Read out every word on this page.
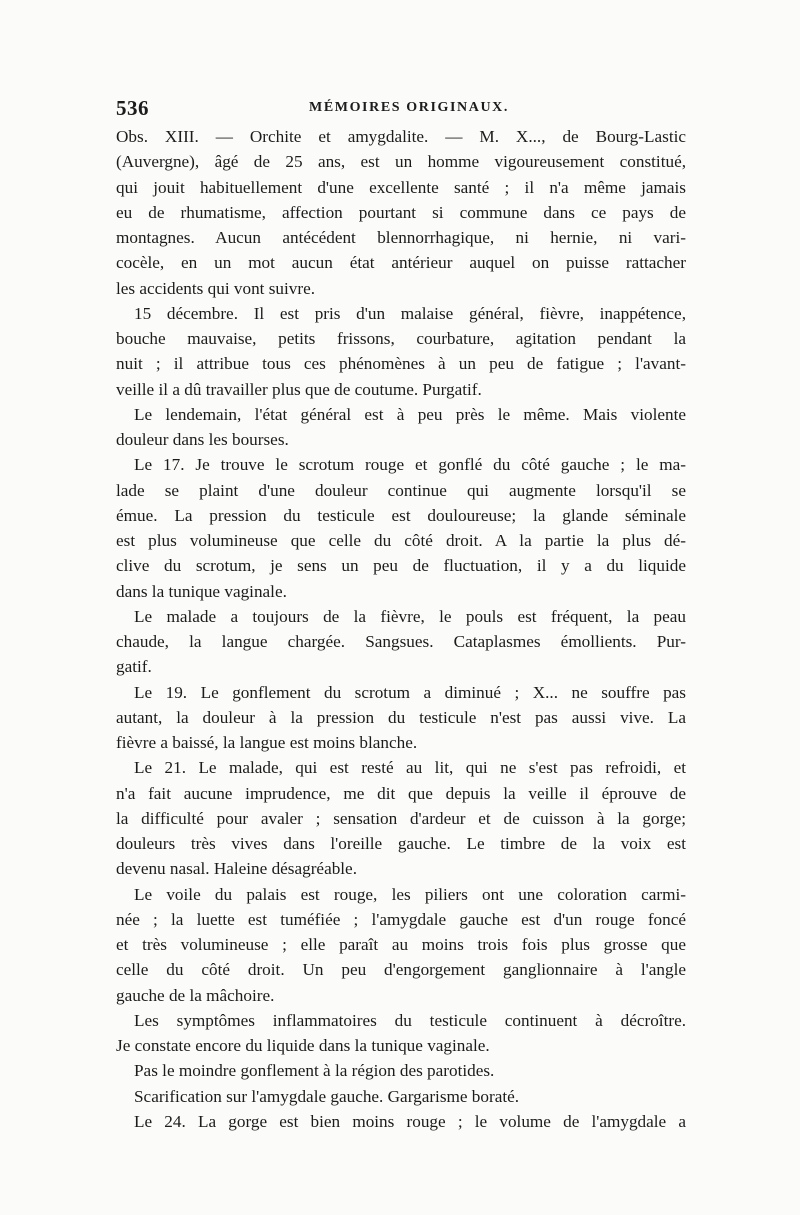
536	MÉMOIRES ORIGINAUX.
Obs. XIII. — Orchite et amygdalite. — M. X..., de Bourg-Lastic
(Auvergne), âgé de 25 ans, est un homme vigoureusement constitué,
qui jouit habituellement d'une excellente santé ; il n'a même jamais
eu de rhumatisme, affection pourtant si commune dans ce pays de
montagnes. Aucun antécédent blennorrhagique, ni hernie, ni vari-
cocèle, en un mot aucun état antérieur auquel on puisse rattacher
les accidents qui vont suivre.
15 décembre. Il est pris d'un malaise général, fièvre, inappétence,
bouche mauvaise, petits frissons, courbature, agitation pendant la
nuit ; il attribue tous ces phénomènes à un peu de fatigue ; l'avant-
veille il a dû travailler plus que de coutume. Purgatif.
Le lendemain, l'état général est à peu près le même. Mais violente
douleur dans les bourses.
Le 17. Je trouve le scrotum rouge et gonflé du côté gauche ; le ma-
lade se plaint d'une douleur continue qui augmente lorsqu'il se
émue. La pression du testicule est douloureuse; la glande séminale
est plus volumineuse que celle du côté droit. A la partie la plus dé-
clive du scrotum, je sens un peu de fluctuation, il y a du liquide
dans la tunique vaginale.
Le malade a toujours de la fièvre, le pouls est fréquent, la peau
chaude, la langue chargée. Sangsues. Cataplasmes émollients. Pur-
gatif.
Le 19. Le gonflement du scrotum a diminué ; X... ne souffre pas
autant, la douleur à la pression du testicule n'est pas aussi vive. La
fièvre a baissé, la langue est moins blanche.
Le 21. Le malade, qui est resté au lit, qui ne s'est pas refroidi, et
n'a fait aucune imprudence, me dit que depuis la veille il éprouve de
la difficulté pour avaler ; sensation d'ardeur et de cuisson à la gorge;
douleurs très vives dans l'oreille gauche. Le timbre de la voix est
devenu nasal. Haleine désagréable.
Le voile du palais est rouge, les piliers ont une coloration carmi-
née ; la luette est tuméfiée ; l'amygdale gauche est d'un rouge foncé
et très volumineuse ; elle paraît au moins trois fois plus grosse que
celle du côté droit. Un peu d'engorgement ganglionnaire à l'angle
gauche de la mâchoire.
Les symptômes inflammatoires du testicule continuent à décroître.
Je constate encore du liquide dans la tunique vaginale.
Pas le moindre gonflement à la région des parotides.
Scarification sur l'amygdale gauche. Gargarisme boraté.
Le 24. La gorge est bien moins rouge ; le volume de l'amygdale a
